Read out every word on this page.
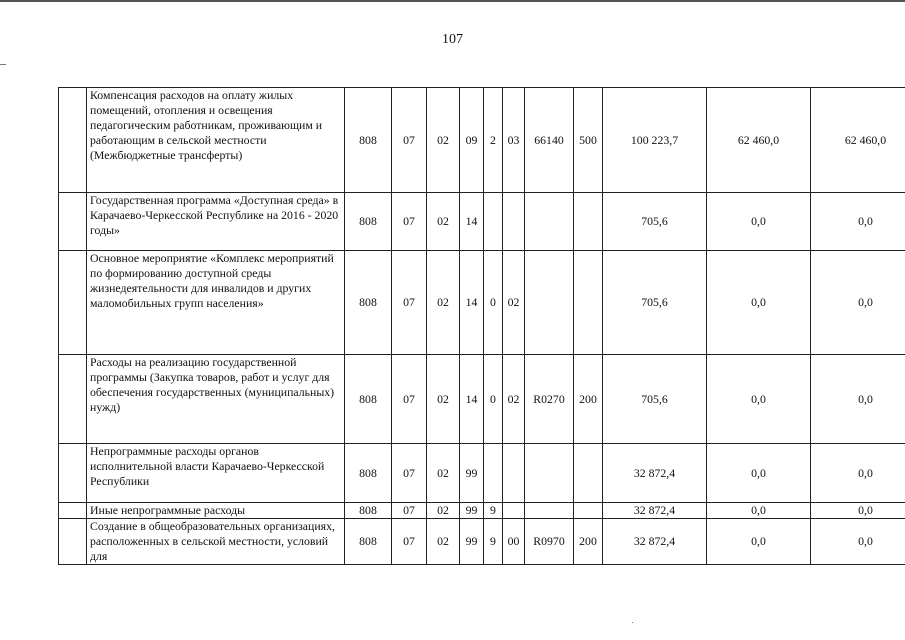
107
	Компенсация расходов на оплату жилых помещений, отопления и освещения педагогическим работникам, проживающим и работающим в сельской местности (Межбюджетные трансферты)	808	07	02	09	2	03	66140	500	100 223,7	62 460,0	62 460,0
	Государственная программа «Доступная среда» в Карачаево-Черкесской Республике на 2016 - 2020 годы»	808	07	02	14					705,6	0,0	0,0
	Основное мероприятие «Комплекс мероприятий по формированию доступной среды жизнедеятельности для инвалидов и других маломобильных групп населения»	808	07	02	14	0	02			705,6	0,0	0,0
	Расходы на реализацию государственной программы (Закупка товаров, работ и услуг для обеспечения государственных (муниципальных) нужд)	808	07	02	14	0	02	R0270	200	705,6	0,0	0,0
	Непрограммные расходы органов исполнительной власти Карачаево-Черкесской Республики	808	07	02	99					32 872,4	0,0	0,0
	Иные непрограммные расходы	808	07	02	99	9				32 872,4	0,0	0,0
	Создание в общеобразовательных организациях, расположенных в сельской местности, условий для	808	07	02	99	9	00	R0970	200	32 872,4	0,0	0,0
